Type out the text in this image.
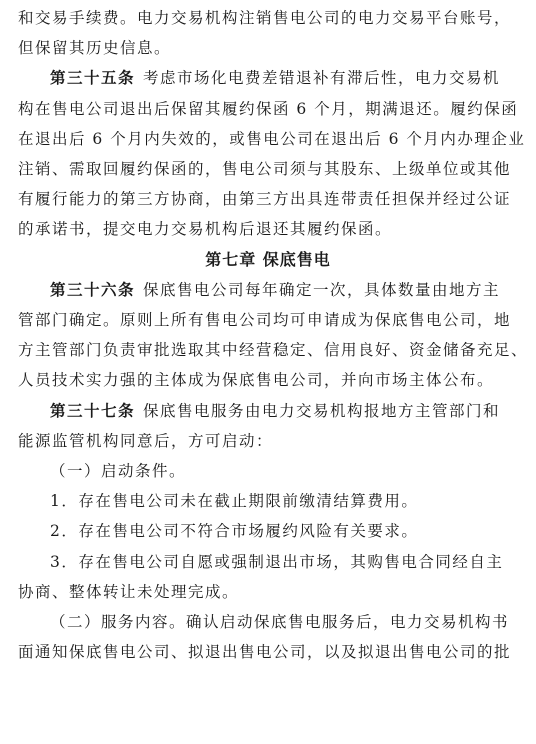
和交易手续费。电力交易机构注销售电公司的电力交易平台账号，
但保留其历史信息。
第三十五条 考虑市场化电费差错退补有滞后性，电力交易机
构在售电公司退出后保留其履约保函 6 个月，期满退还。履约保函
在退出后 6 个月内失效的，或售电公司在退出后 6 个月内办理企业
注销、需取回履约保函的，售电公司须与其股东、上级单位或其他
有履行能力的第三方协商，由第三方出具连带责任担保并经过公证
的承诺书，提交电力交易机构后退还其履约保函。
第七章 保底售电
第三十六条 保底售电公司每年确定一次，具体数量由地方主
管部门确定。原则上所有售电公司均可申请成为保底售电公司，地
方主管部门负责审批选取其中经营稳定、信用良好、资金储备充足、
人员技术实力强的主体成为保底售电公司，并向市场主体公布。
第三十七条 保底售电服务由电力交易机构报地方主管部门和
能源监管机构同意后，方可启动：
（一）启动条件。
1．存在售电公司未在截止期限前缴清结算费用。
2．存在售电公司不符合市场履约风险有关要求。
3．存在售电公司自愿或强制退出市场，其购售电合同经自主
协商、整体转让未处理完成。
（二）服务内容。确认启动保底售电服务后，电力交易机构书
面通知保底售电公司、拟退出售电公司，以及拟退出售电公司的批
